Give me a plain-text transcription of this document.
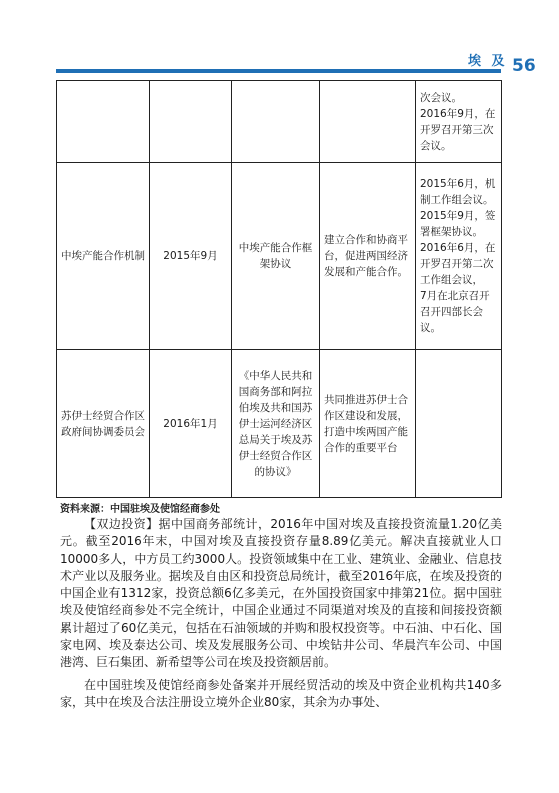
埃 及 56
				次会议。
2016年9月，在开罗召开第三次会议。
中埃产能合作机制	2015年9月	中埃产能合作框架协议	建立合作和协商平台，促进两国经济发展和产能合作。	2015年6月，机制工作组会议。
2015年9月，签署框架协议。
2016年6月，在开罗召开第二次工作组会议，
7月在北京召开召开四部长会议。
苏伊士经贸合作区政府间协调委员会	2016年1月	《中华人民共和国商务部和阿拉伯埃及共和国苏伊士运河经济区总局关于埃及苏伊士经贸合作区的协议》	共同推进苏伊士合作区建设和发展，打造中埃两国产能合作的重要平台	
资料来源：中国驻埃及使馆经商参处

【双边投资】据中国商务部统计，2016年中国对埃及直接投资流量1.20亿美元。截至2016年末，中国对埃及直接投资存量8.89亿美元。解决直接就业人口10000多人，中方员工约3000人。投资领域集中在工业、建筑业、金融业、信息技术产业以及服务业。据埃及自由区和投资总局统计，截至2016年底，在埃及投资的中国企业有1312家，投资总额6亿多美元，在外国投资国家中排第21位。据中国驻埃及使馆经商参处不完全统计，中国企业通过不同渠道对埃及的直接和间接投资额累计超过了60亿美元，包括在石油领域的并购和股权投资等。中石油、中石化、国家电网、埃及泰达公司、埃及发展服务公司、中埃钻井公司、华晨汽车公司、中国港湾、巨石集团、新希望等公司在埃及投资额居前。

在中国驻埃及使馆经商参处备案并开展经贸活动的埃及中资企业机构共140多家，其中在埃及合法注册设立境外企业80家，其余为办事处、
